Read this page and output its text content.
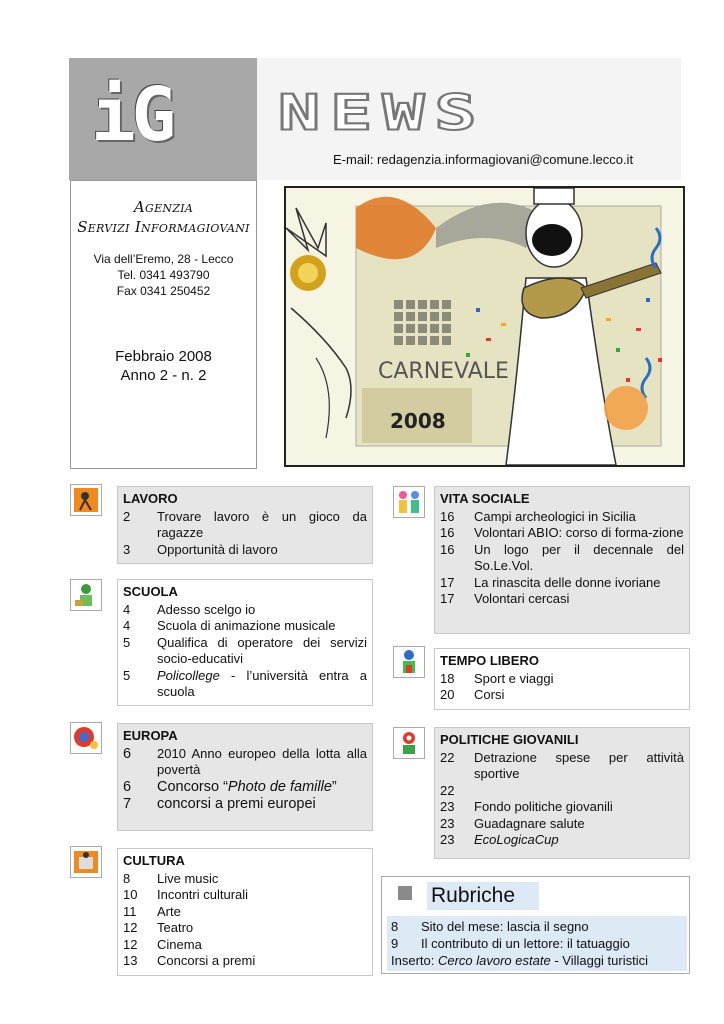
iG NEWS
E-mail: redagenzia.informagiovani@comune.lecco.it
Agenzia
Servizi Informagiovani
Via dell’Eremo, 28 - Lecco
Tel. 0341 493790
Fax 0341 250452
Febbraio 2008
Anno 2 - n. 2	CARNEVALE
2008
LAVORO
2	Trovare lavoro è un gioco da ragazze
3	Opportunità di lavoro
SCUOLA
4	Adesso scelgo io
4	Scuola di animazione musicale
5	Qualifica di operatore dei servizi socio-educativi
5	Policollege - l’università entra a scuola
EUROPA
6	2010 Anno europeo della lotta alla povertà
6	Concorso “Photo de famille”
7	concorsi a premi europei
CULTURA
8	Live music
10	Incontri culturali
11	Arte
12	Teatro
12	Cinema
13	Concorsi a premi
VITA SOCIALE
16	Campi archeologici in Sicilia
16	Volontari ABIO: corso di forma-zione
16	Un logo per il decennale del So.Le.Vol.
17	La rinascita delle donne ivoriane
17	Volontari cercasi
TEMPO LIBERO
18	Sport e viaggi
20	Corsi
POLITICHE GIOVANILI
22	Detrazione spese per attività sportive
22
23	Fondo politiche giovanili
23	Guadagnare salute
23	EcoLogicaCup
Rubriche
8	Sito del mese: lascia il segno
9	Il contributo di un lettore: il tatuaggio
Inserto: Cerco lavoro estate - Villaggi turistici
